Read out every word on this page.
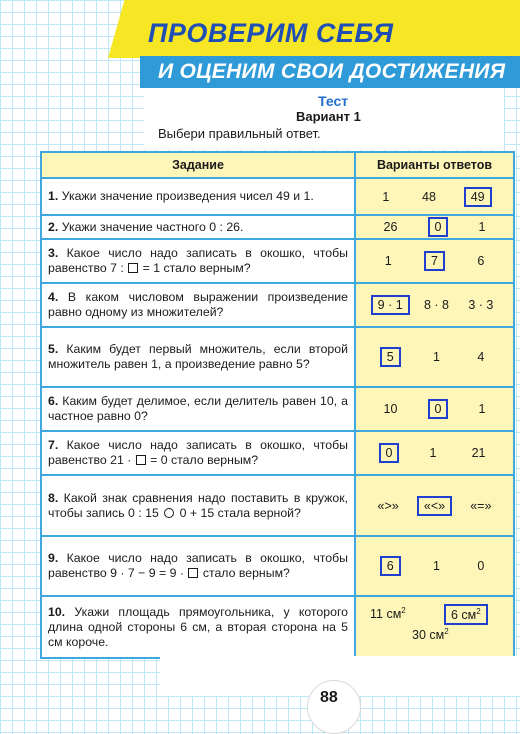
ПРОВЕРИМ СЕБЯ
И ОЦЕНИМ СВОИ ДОСТИЖЕНИЯ
Тест
Вариант 1
Выбери правильный ответ.
Задание	Варианты ответов
1. Укажи значение произведения чисел 49 и 1.	1 48 49

2. Укажи значение частного 0 : 26.	26 0 1

3. Какое число надо записать в окошко, чтобы равенство 7 : = 1 стало верным?	1 7 6

4. В каком числовом выражении произведение равно одному из множителей?	9 · 1 8 · 8 3 · 3

5. Каким будет первый множитель, если второй множитель равен 1, а произведение равно 5?	5 1 4

6. Каким будет делимое, если делитель равен 10, а частное равно 0?	10 0 1

7. Какое число надо записать в окошко, чтобы равенство 21 · = 0 стало верным?	0 1 21

8. Какой знак сравнения надо поставить в кружок, чтобы запись 0 : 15 0 + 15 стала верной?	«>» «<» «=»

9. Какое число надо записать в окошко, чтобы равенство 9 · 7 − 9 = 9 · стало верным?	6 1 0

10. Укажи площадь прямоугольника, у которого длина одной стороны 6 см, а вторая сторона на 5 см короче.	11 $см^2$ 6 $см^2$
30 $см^2$
88
